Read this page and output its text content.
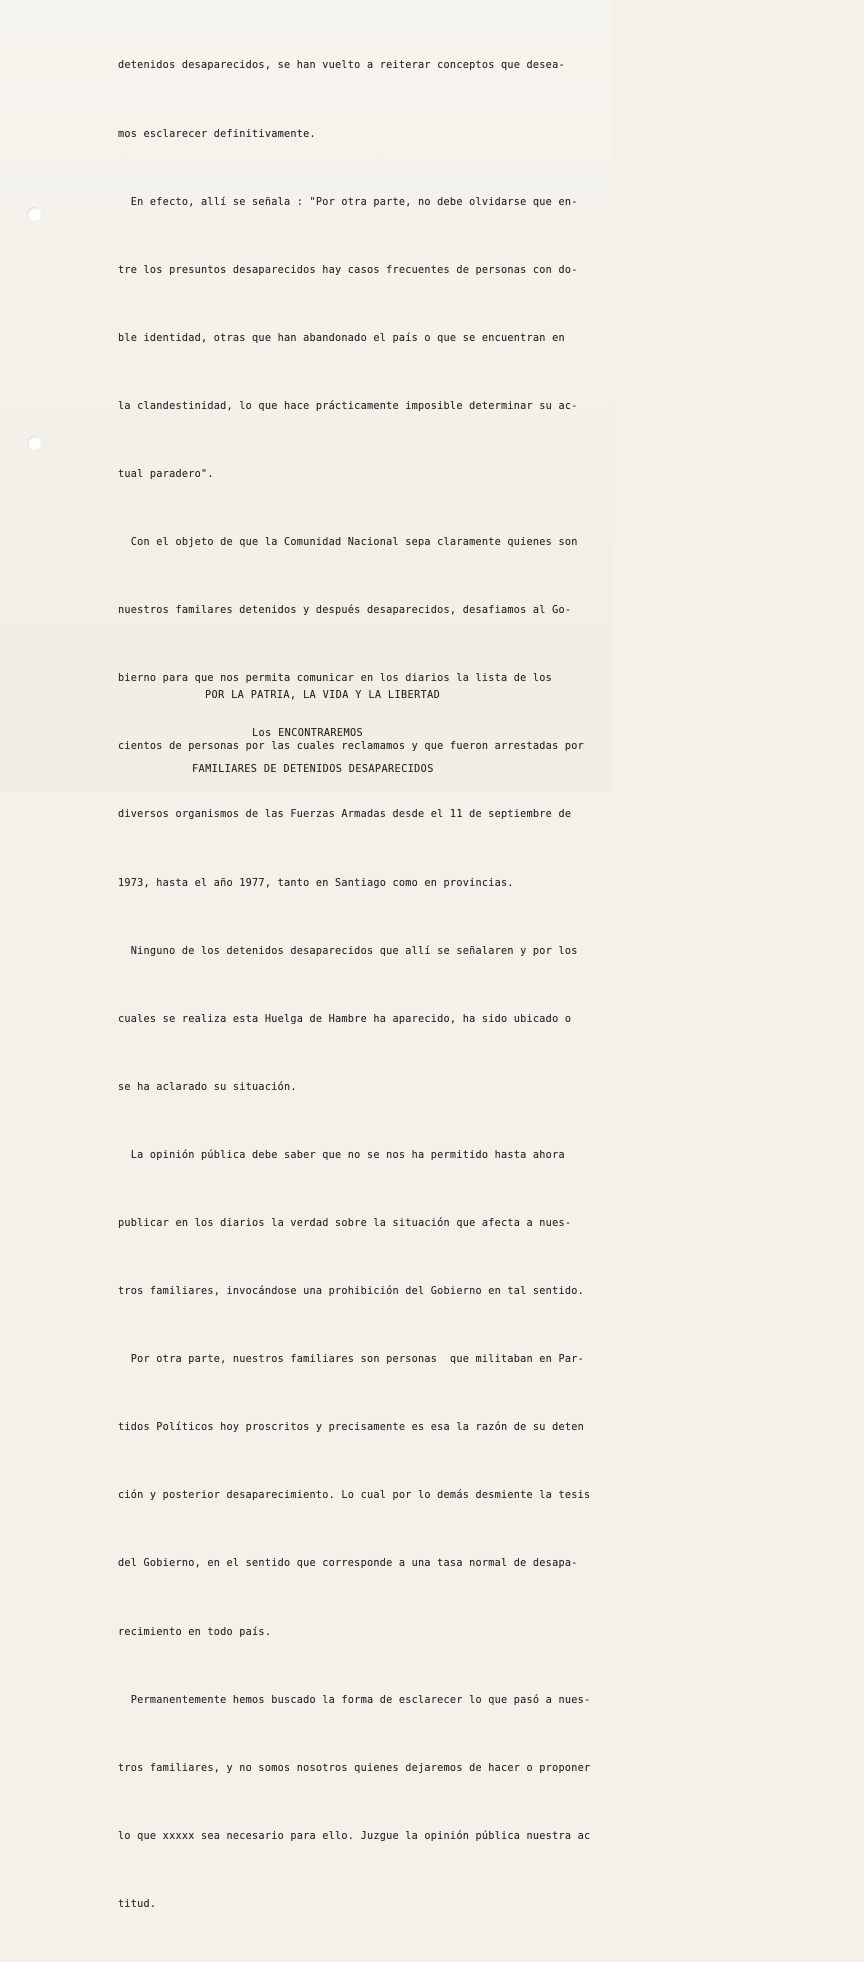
detenidos desaparecidos, se han vuelto a reiterar conceptos que desea-

mos esclarecer definitivamente.

En efecto, allí se señala : "Por otra parte, no debe olvidarse que en-

tre los presuntos desaparecidos hay casos frecuentes de personas con do-

ble identidad, otras que han abandonado el país o que se encuentran en

la clandestinidad, lo que hace prácticamente imposible determinar su ac-

tual paradero".

Con el objeto de que la Comunidad Nacional sepa claramente quienes son

nuestros familares detenidos y después desaparecidos, desafiamos al Go-

bierno para que nos permita comunicar en los diarios la lista de los

cientos de personas por las cuales reclamamos y que fueron arrestadas por

diversos organismos de las Fuerzas Armadas desde el 11 de septiembre de

1973, hasta el año 1977, tanto en Santiago como en provincias.

Ninguno de los detenidos desaparecidos que allí se señalaren y por los

cuales se realiza esta Huelga de Hambre ha aparecido, ha sido ubicado o

se ha aclarado su situación.

La opinión pública debe saber que no se nos ha permitido hasta ahora

publicar en los diarios la verdad sobre la situación que afecta a nues-

tros familiares, invocándose una prohibición del Gobierno en tal sentido.

Por otra parte, nuestros familiares son personas  que militaban en Par-

tidos Políticos hoy proscritos y precisamente es esa la razón de su deten

ción y posterior desaparecimiento. Lo cual por lo demás desmiente la tesis

del Gobierno, en el sentido que corresponde a una tasa normal de desapa-

recimiento en todo país.

Permanentemente hemos buscado la forma de esclarecer lo que pasó a nues-

tros familiares, y no somos nosotros quienes dejaremos de hacer o proponer

lo que xxxxx sea necesario para ello. Juzgue la opinión pública nuestra ac

titud.

POR LA PATRIA, LA VIDA Y LA LIBERTAD
Los ENCONTRAREMOS
FAMILIARES DE DETENIDOS DESAPARECIDOS
